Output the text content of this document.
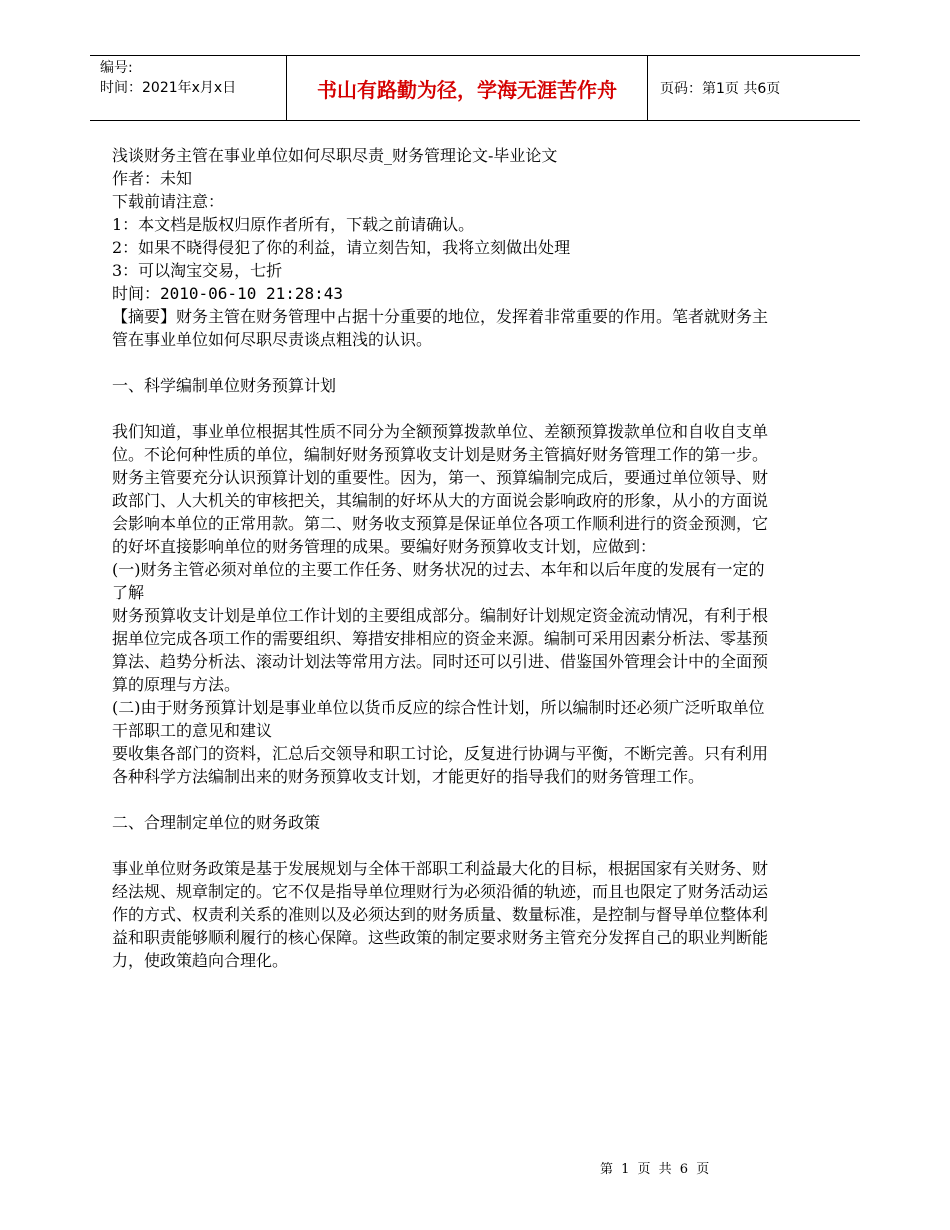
编号:
时间：2021年x月x日	书山有路勤为径，学海无涯苦作舟	页码：第1页 共6页

浅谈财务主管在事业单位如何尽职尽责_财务管理论文-毕业论文

作者：未知

下载前请注意：

1：本文档是版权归原作者所有，下载之前请确认。

2：如果不晓得侵犯了你的利益，请立刻告知，我将立刻做出处理

3：可以淘宝交易，七折

时间：2010-06-10 21:28:43

【摘要】财务主管在财务管理中占据十分重要的地位，发挥着非常重要的作用。笔者就财务主管在事业单位如何尽职尽责谈点粗浅的认识。

一、科学编制单位财务预算计划

我们知道，事业单位根据其性质不同分为全额预算拨款单位、差额预算拨款单位和自收自支单位。不论何种性质的单位，编制好财务预算收支计划是财务主管搞好财务管理工作的第一步。财务主管要充分认识预算计划的重要性。因为，第一、预算编制完成后，要通过单位领导、财政部门、人大机关的审核把关，其编制的好坏从大的方面说会影响政府的形象，从小的方面说会影响本单位的正常用款。第二、财务收支预算是保证单位各项工作顺利进行的资金预测，它的好坏直接影响单位的财务管理的成果。要编好财务预算收支计划，应做到：

(一)财务主管必须对单位的主要工作任务、财务状况的过去、本年和以后年度的发展有一定的了解

财务预算收支计划是单位工作计划的主要组成部分。编制好计划规定资金流动情况，有利于根据单位完成各项工作的需要组织、筹措安排相应的资金来源。编制可采用因素分析法、零基预算法、趋势分析法、滚动计划法等常用方法。同时还可以引进、借鉴国外管理会计中的全面预算的原理与方法。

(二)由于财务预算计划是事业单位以货币反应的综合性计划，所以编制时还必须广泛听取单位干部职工的意见和建议

要收集各部门的资料，汇总后交领导和职工讨论，反复进行协调与平衡，不断完善。只有利用各种科学方法编制出来的财务预算收支计划，才能更好的指导我们的财务管理工作。

二、合理制定单位的财务政策

事业单位财务政策是基于发展规划与全体干部职工利益最大化的目标，根据国家有关财务、财经法规、规章制定的。它不仅是指导单位理财行为必须沿循的轨迹，而且也限定了财务活动运作的方式、权责利关系的准则以及必须达到的财务质量、数量标准，是控制与督导单位整体利益和职责能够顺利履行的核心保障。这些政策的制定要求财务主管充分发挥自己的职业判断能力，使政策趋向合理化。

第 1 页 共 6 页
